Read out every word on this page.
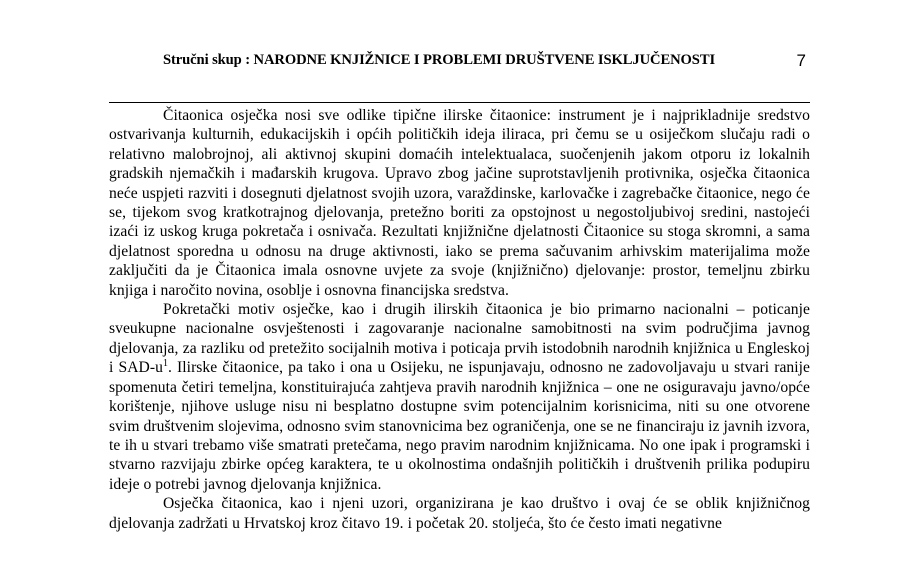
Stručni skup : NARODNE KNJIŽNICE I PROBLEMI DRUŠTVENE ISKLJUČENOSTI	7

Čitaonica osječka nosi sve odlike tipične ilirske čitaonice: instrument je i najprikladnije sredstvo ostvarivanja kulturnih, edukacijskih i općih političkih ideja iliraca, pri čemu se u osiječkom slučaju radi o relativno malobrojnoj, ali aktivnoj skupini domaćih intelektualaca, suočenjenih jakom otporu iz lokalnih gradskih njemačkih i mađarskih krugova. Upravo zbog jačine suprotstavljenih protivnika, osječka čitaonica neće uspjeti razviti i dosegnuti djelatnost svojih uzora, varaždinske, karlovačke i zagrebačke čitaonice, nego će se, tijekom svog kratkotrajnog djelovanja, pretežno boriti za opstojnost u negostoljubivoj sredini, nastojeći izaći iz uskog kruga pokretača i osnivača. Rezultati knjižnične djelatnosti Čitaonice su stoga skromni, a sama djelatnost sporedna u odnosu na druge aktivnosti, iako se prema sačuvanim arhivskim materijalima može zaključiti da je Čitaonica imala osnovne uvjete za svoje (knjižnično) djelovanje: prostor, temeljnu zbirku knjiga i naročito novina, osoblje i osnovna financijska sredstva.

Pokretački motiv osječke, kao i drugih ilirskih čitaonica je bio primarno nacionalni – poticanje sveukupne nacionalne osvještenosti i zagovaranje nacionalne samobitnosti na svim područjima javnog djelovanja, za razliku od pretežito socijalnih motiva i poticaja prvih istodobnih narodnih knjižnica u Engleskoj i SAD-$u^1$. Ilirske čitaonice, pa tako i ona u Osijeku, ne ispunjavaju, odnosno ne zadovoljavaju u stvari ranije spomenuta četiri temeljna, konstituirajuća zahtjeva pravih narodnih knjižnica – one ne osiguravaju javno/opće korištenje, njihove usluge nisu ni besplatno dostupne svim potencijalnim korisnicima, niti su one otvorene svim društvenim slojevima, odnosno svim stanovnicima bez ograničenja, one se ne financiraju iz javnih izvora, te ih u stvari trebamo više smatrati pretečama, nego pravim narodnim knjižnicama. No one ipak i programski i stvarno razvijaju zbirke općeg karaktera, te u okolnostima ondašnjih političkih i društvenih prilika podupiru ideje o potrebi javnog djelovanja knjižnica.

Osječka čitaonica, kao i njeni uzori, organizirana je kao društvo i ovaj će se oblik knjižničnog djelovanja zadržati u Hrvatskoj kroz čitavo 19. i početak 20. stoljeća, što će često imati negativne
